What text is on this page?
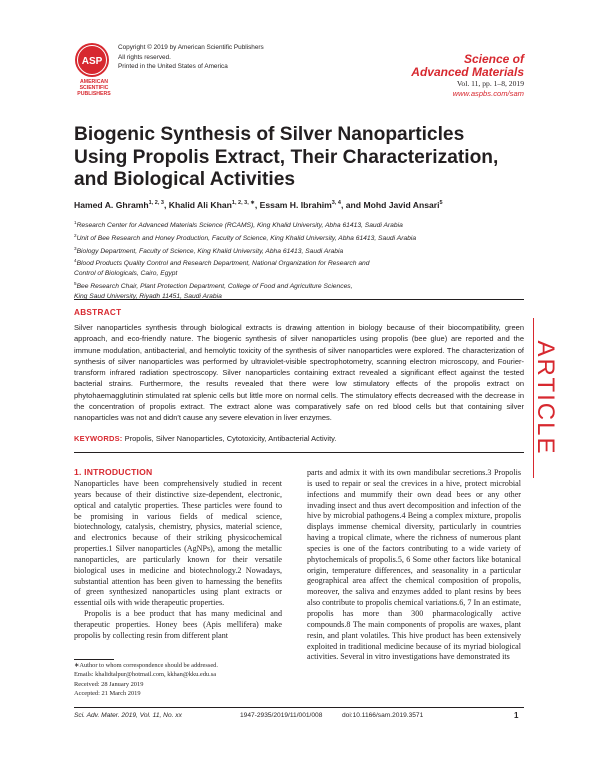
ASP
AMERICAN
SCIENTIFIC
PUBLISHERS
Copyright © 2019 by American Scientific Publishers
All rights reserved.
Printed in the United States of America
Science of
Advanced Materials
Vol. 11, pp. 1–8, 2019
www.aspbs.com/sam
Biogenic Synthesis of Silver Nanoparticles Using Propolis Extract, Their Characterization, and Biological Activities
Hamed A. Ghramh$^{1, 2, 3}$, Khalid Ali Khan$^{1, 2, 3, ∗}$, Essam H. Ibrahim$^{3, 4}$, and Mohd Javid Ansari$^5$
$^1$Research Center for Advanced Materials Science (RCAMS), King Khalid University, Abha 61413, Saudi Arabia
$^2$Unit of Bee Research and Honey Production, Faculty of Science, King Khalid University, Abha 61413, Saudi Arabia
$^3$Biology Department, Faculty of Science, King Khalid University, Abha 61413, Saudi Arabia
$^4$Blood Products Quality Control and Research Department, National Organization for Research and
Control of Biologicals, Cairo, Egypt
$^5$Bee Research Chair, Plant Protection Department, College of Food and Agriculture Sciences,
King Saud University, Riyadh 11451, Saudi Arabia
ABSTRACT
Silver nanoparticles synthesis through biological extracts is drawing attention in biology because of their biocompatibility, green approach, and eco-friendly nature. The biogenic synthesis of silver nanoparticles using propolis (bee glue) are reported and the immune modulation, antibacterial, and hemolytic toxicity of the synthesis of silver nanoparticles were explored. The characterization of synthesis of silver nanoparticles was performed by ultraviolet-visible spectrophotometry, scanning electron microscopy, and Fourier-transform infrared radiation spectroscopy. Silver nanoparticles containing extract revealed a significant effect against the tested bacterial strains. Furthermore, the results revealed that there were low stimulatory effects of the propolis extract on phytohaemagglutinin stimulated rat splenic cells but little more on normal cells. The stimulatory effects decreased with the decrease in the concentration of propolis extract. The extract alone was comparatively safe on red blood cells but that containing silver nanoparticles was not and didn't cause any severe elevation in liver enzymes.
KEYWORDS: Propolis, Silver Nanoparticles, Cytotoxicity, Antibacterial Activity.	ARTICLE
1. INTRODUCTION

Nanoparticles have been comprehensively studied in recent years because of their distinctive size-dependent, electronic, optical and catalytic properties. These particles were found to be promising in various fields of medical science, biotechnology, catalysis, chemistry, physics, material science, and electronics because of their striking physicochemical properties.1 Silver nanoparticles (AgNPs), among the metallic nanoparticles, are particularly known for their versatile biological uses in medicine and biotechnology.2 Nowadays, substantial attention has been given to harnessing the benefits of green synthesized nanoparticles using plant extracts or essential oils with wide therapeutic properties.

Propolis is a bee product that has many medicinal and therapeutic properties. Honey bees (Apis mellifera) make propolis by collecting resin from different plant

parts and admix it with its own mandibular secretions.3 Propolis is used to repair or seal the crevices in a hive, protect microbial infections and mummify their own dead bees or any other invading insect and thus avert decomposition and infection of the hive by microbial pathogens.4 Being a complex mixture, propolis displays immense chemical diversity, particularly in countries having a tropical climate, where the richness of numerous plant species is one of the factors contributing to a wide variety of phytochemicals of propolis.5, 6 Some other factors like botanical origin, temperature differences, and seasonality in a particular geographical area affect the chemical composition of propolis, moreover, the saliva and enzymes added to plant resins by bees also contribute to propolis chemical variations.6, 7 In an estimate, propolis has more than 300 pharmacologically active compounds.8 The main components of propolis are waxes, plant resin, and plant volatiles. This hive product has been extensively exploited in traditional medicine because of its myriad biological activities. Several in vitro investigations have demonstrated its

∗Author to whom correspondence should be addressed.
Emails: khalidtalpur@hotmail.com, kkhan@kku.edu.sa
Received: 28 January 2019
Accepted: 21 March 2019
Sci. Adv. Mater. 2019, Vol. 11, No. xx	1947-2935/2019/11/001/008	doi:10.1166/sam.2019.3571	1
